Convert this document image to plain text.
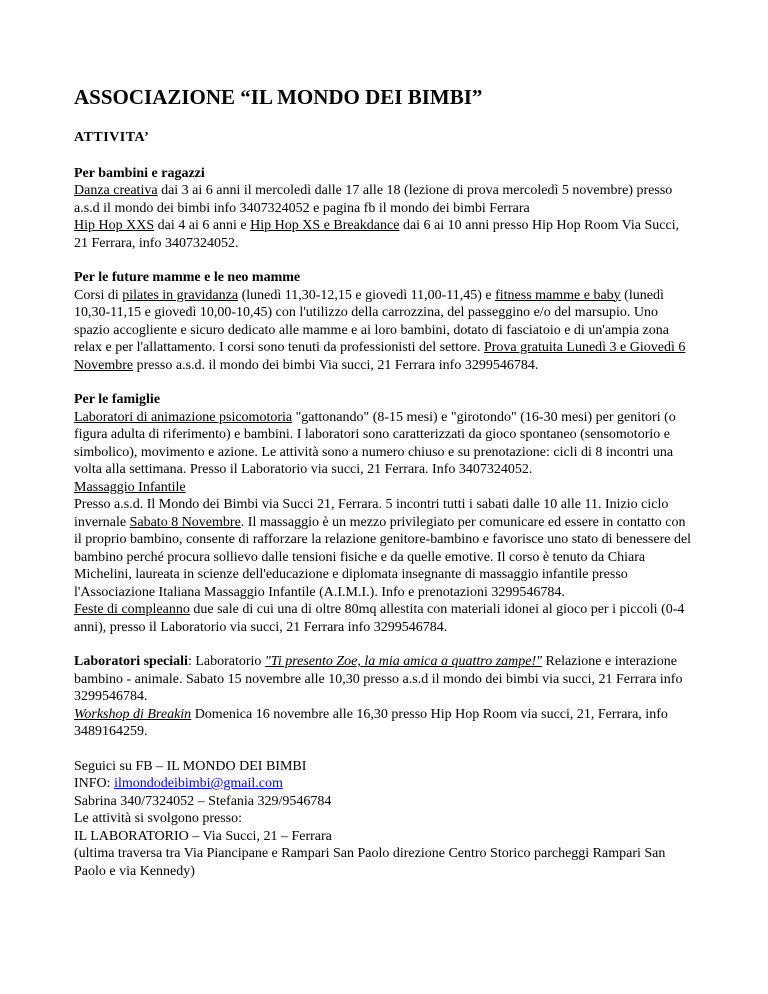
ASSOCIAZIONE “IL MONDO DEI BIMBI”

ATTIVITA’

Per bambini e ragazzi

Danza creativa dai 3 ai 6 anni il mercoledì dalle 17 alle 18 (lezione di prova mercoledì 5 novembre) presso a.s.d il mondo dei bimbi info 3407324052 e pagina fb il mondo dei bimbi Ferrara

Hip Hop XXS dai 4 ai 6 anni e Hip Hop XS e Breakdance dai 6 ai 10 anni presso Hip Hop Room Via Succi, 21 Ferrara, info 3407324052.

Per le future mamme e le neo mamme

Corsi di pilates in gravidanza (lunedì 11,30-12,15 e giovedì 11,00-11,45) e fitness mamme e baby (lunedì 10,30-11,15 e giovedì 10,00-10,45) con l'utilizzo della carrozzina, del passeggino e/o del marsupio. Uno spazio accogliente e sicuro dedicato alle mamme e ai loro bambini, dotato di fasciatoio e di un'ampia zona relax e per l'allattamento. I corsi sono tenuti da professionisti del settore. Prova gratuita Lunedì 3 e Giovedì 6 Novembre presso a.s.d. il mondo dei bimbi Via succi, 21 Ferrara info 3299546784.

Per le famiglie

Laboratori di animazione psicomotoria "gattonando" (8-15 mesi) e "girotondo" (16-30 mesi) per genitori (o figura adulta di riferimento) e bambini. I laboratori sono caratterizzati da gioco spontaneo (sensomotorio e simbolico), movimento e azione. Le attività sono a numero chiuso e su prenotazione: cicli di 8 incontri una volta alla settimana. Presso il Laboratorio via succi, 21 Ferrara. Info 3407324052.

Massaggio Infantile

Presso a.s.d. Il Mondo dei Bimbi via Succi 21, Ferrara. 5 incontri tutti i sabati dalle 10 alle 11. Inizio ciclo invernale Sabato 8 Novembre. Il massaggio è un mezzo privilegiato per comunicare ed essere in contatto con il proprio bambino, consente di rafforzare la relazione genitore-bambino e favorisce uno stato di benessere del bambino perché procura sollievo dalle tensioni fisiche e da quelle emotive. Il corso è tenuto da Chiara Michelini, laureata in scienze dell'educazione e diplomata insegnante di massaggio infantile presso l'Associazione Italiana Massaggio Infantile (A.I.M.I.). Info e prenotazioni 3299546784.

Feste di compleanno due sale di cui una di oltre 80mq allestita con materiali idonei al gioco per i piccoli (0-4 anni), presso il Laboratorio via succi, 21 Ferrara info 3299546784.

Laboratori speciali: Laboratorio "Ti presento Zoe, la mia amica a quattro zampe!" Relazione e interazione bambino - animale. Sabato 15 novembre alle 10,30 presso a.s.d il mondo dei bimbi via succi, 21 Ferrara info 3299546784.

Workshop di Breakin Domenica 16 novembre alle 16,30 presso Hip Hop Room via succi, 21, Ferrara, info 3489164259.

Seguici su FB – IL MONDO DEI BIMBI

INFO: ilmondodeibimbi@gmail.com

Sabrina 340/7324052 – Stefania 329/9546784

Le attività si svolgono presso:

IL LABORATORIO – Via Succi, 21 – Ferrara

(ultima traversa tra Via Piancipane e Rampari San Paolo direzione Centro Storico parcheggi Rampari San Paolo e via Kennedy)
